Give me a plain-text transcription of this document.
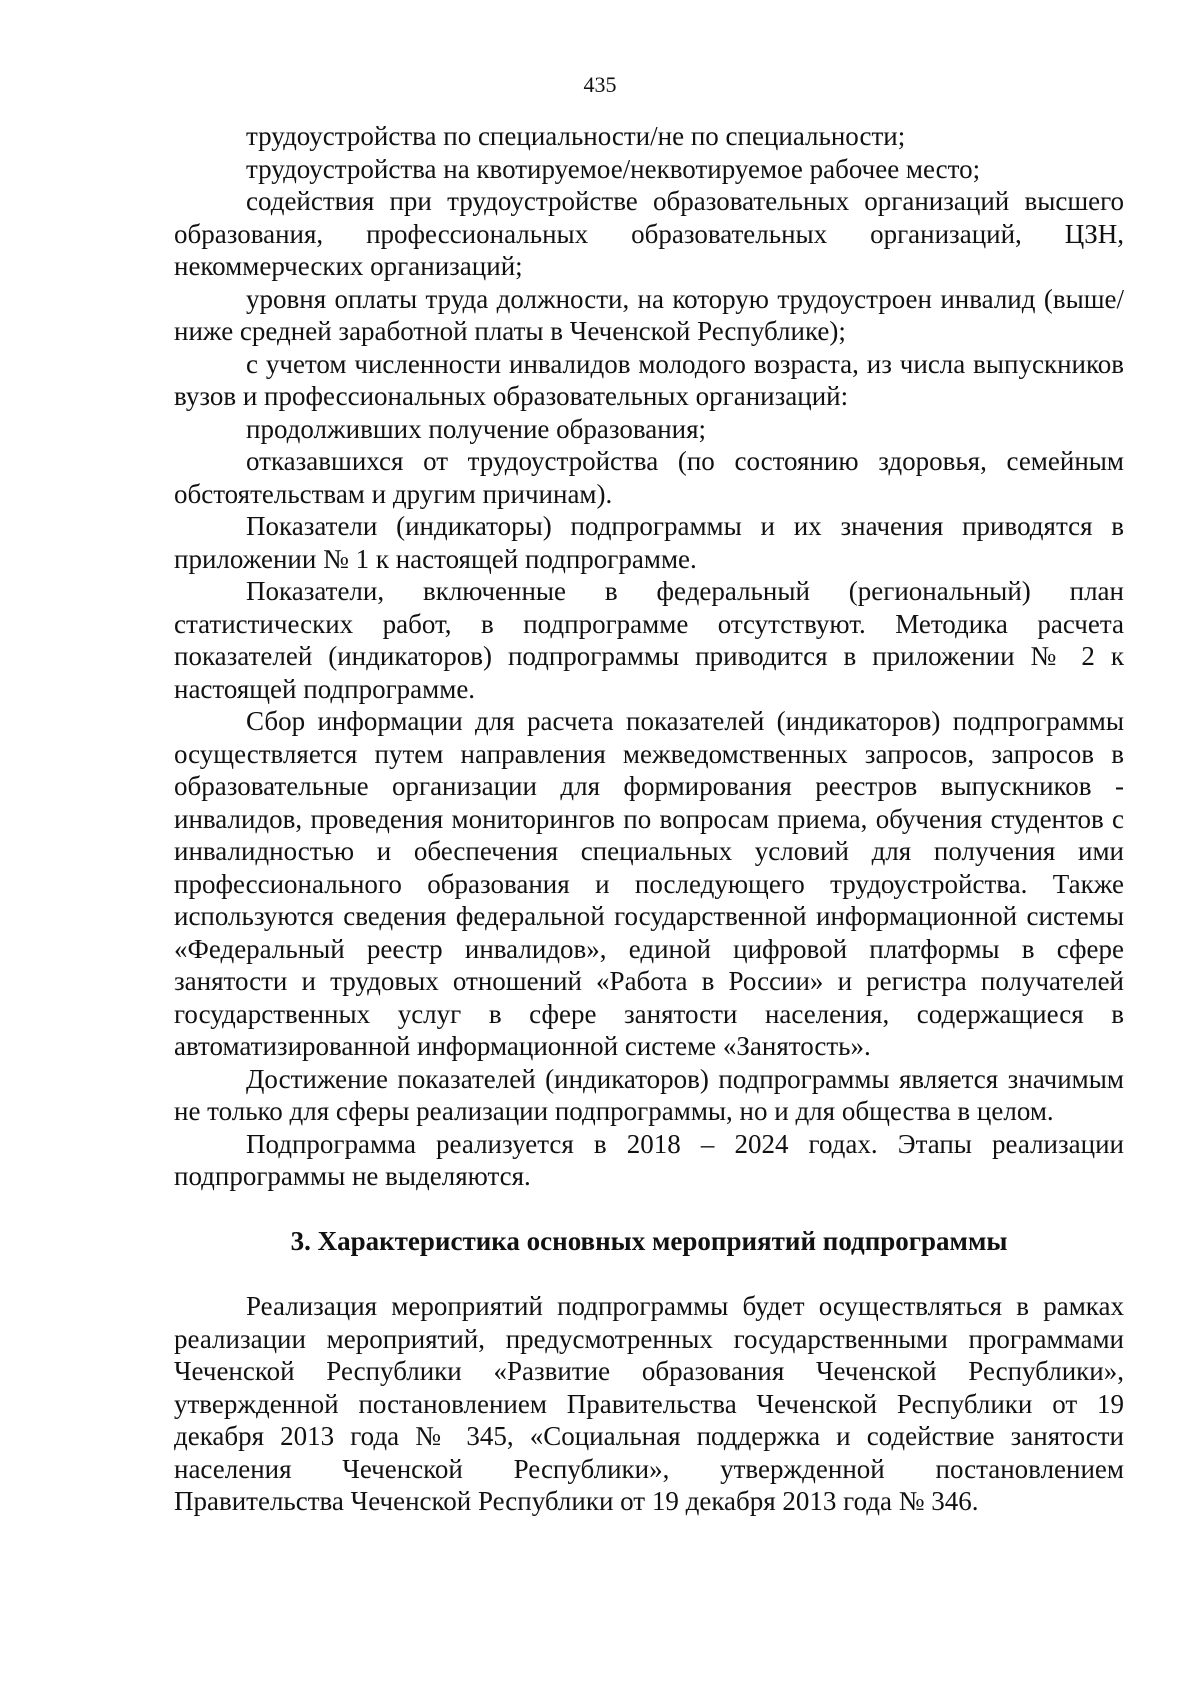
435

трудоустройства по специальности/не по специальности;

трудоустройства на квотируемое/неквотируемое рабочее место;

содействия при трудоустройстве образовательных организаций высшего образования, профессиональных образовательных организаций, ЦЗН, некоммерческих организаций;

уровня оплаты труда должности, на которую трудоустроен инвалид (выше/ниже средней заработной платы в Чеченской Республике);

с учетом численности инвалидов молодого возраста, из числа выпускников вузов и профессиональных образовательных организаций:

продолживших получение образования;

отказавшихся от трудоустройства (по состоянию здоровья, семейным обстоятельствам и другим причинам).

Показатели (индикаторы) подпрограммы и их значения приводятся в приложении № 1 к настоящей подпрограмме.

Показатели, включенные в федеральный (региональный) план статистических работ, в подпрограмме отсутствуют. Методика расчета показателей (индикаторов) подпрограммы приводится в приложении № 2 к настоящей подпрограмме.

Сбор информации для расчета показателей (индикаторов) подпрограммы осуществляется путем направления межведомственных запросов, запросов в образовательные организации для формирования реестров выпускников - инвалидов, проведения мониторингов по вопросам приема, обучения студентов с инвалидностью и обеспечения специальных условий для получения ими профессионального образования и последующего трудоустройства. Также используются сведения федеральной государственной информационной системы «Федеральный реестр инвалидов», единой цифровой платформы в сфере занятости и трудовых отношений «Работа в России» и регистра получателей государственных услуг в сфере занятости населения, содержащиеся в автоматизированной информационной системе «Занятость».

Достижение показателей (индикаторов) подпрограммы является значимым не только для сферы реализации подпрограммы, но и для общества в целом.

Подпрограмма реализуется в 2018 – 2024 годах. Этапы реализации подпрограммы не выделяются.

3. Характеристика основных мероприятий подпрограммы

Реализация мероприятий подпрограммы будет осуществляться в рамках реализации мероприятий, предусмотренных государственными программами Чеченской Республики «Развитие образования Чеченской Республики», утвержденной постановлением Правительства Чеченской Республики от 19 декабря 2013 года № 345, «Социальная поддержка и содействие занятости населения Чеченской Республики», утвержденной постановлением Правительства Чеченской Республики от 19 декабря 2013 года № 346.
